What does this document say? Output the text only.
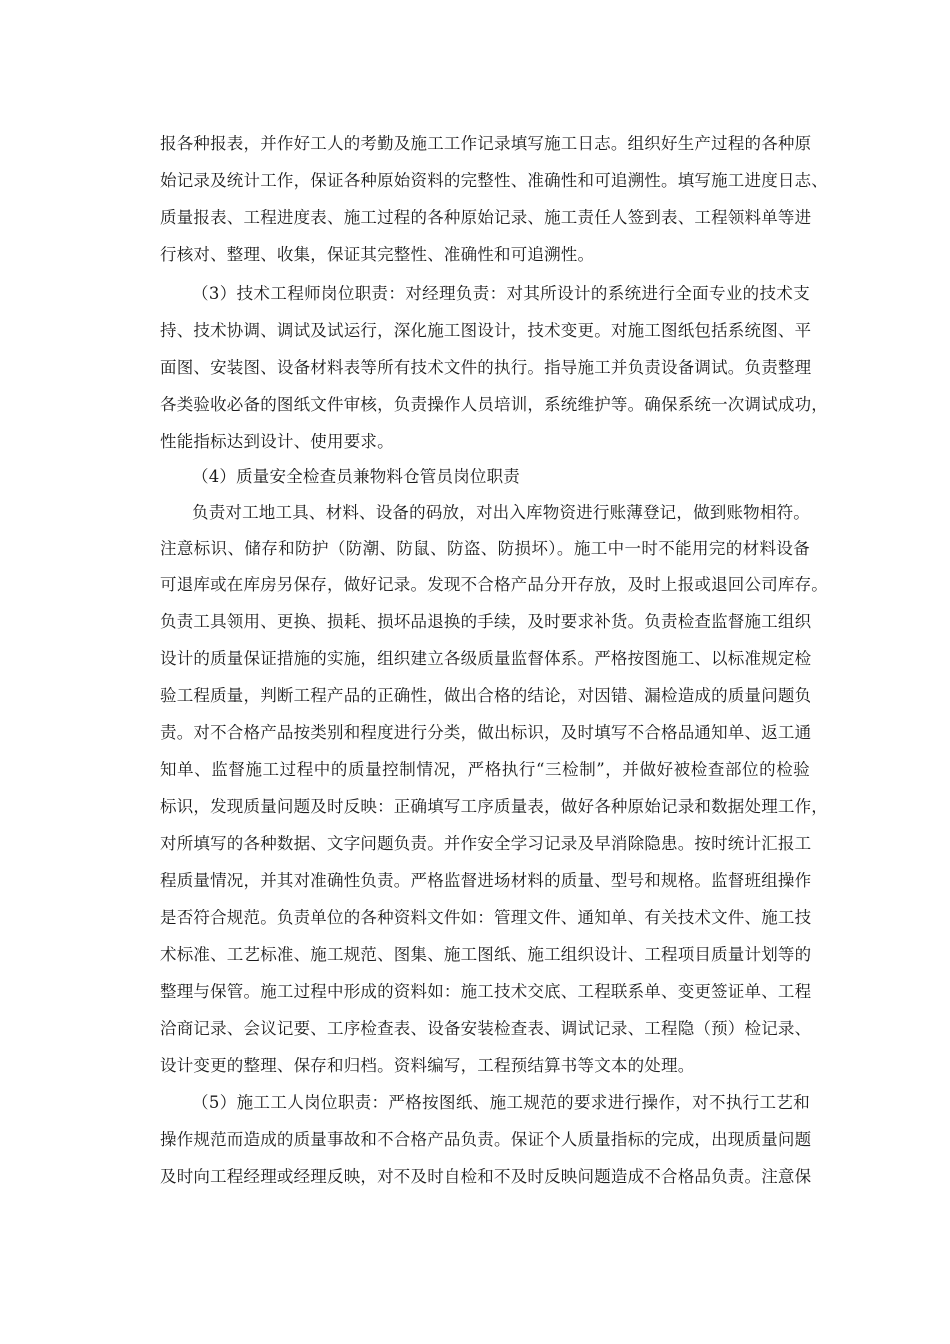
报各种报表，并作好工人的考勤及施工工作记录填写施工日志。组织好生产过程的各种原
始记录及统计工作，保证各种原始资料的完整性、准确性和可追溯性。填写施工进度日志、
质量报表、工程进度表、施工过程的各种原始记录、施工责任人签到表、工程领料单等进
行核对、整理、收集，保证其完整性、准确性和可追溯性。
（3）技术工程师岗位职责：对经理负责：对其所设计的系统进行全面专业的技术支
持、技术协调、调试及试运行，深化施工图设计，技术变更。对施工图纸包括系统图、平
面图、安装图、设备材料表等所有技术文件的执行。指导施工并负责设备调试。负责整理
各类验收必备的图纸文件审核，负责操作人员培训，系统维护等。确保系统一次调试成功，
性能指标达到设计、使用要求。
（4）质量安全检查员兼物料仓管员岗位职责
负责对工地工具、材料、设备的码放，对出入库物资进行账薄登记，做到账物相符。
注意标识、储存和防护（防潮、防鼠、防盗、防损坏）。施工中一时不能用完的材料设备
可退库或在库房另保存，做好记录。发现不合格产品分开存放，及时上报或退回公司库存。
负责工具领用、更换、损耗、损坏品退换的手续，及时要求补货。负责检查监督施工组织
设计的质量保证措施的实施，组织建立各级质量监督体系。严格按图施工、以标准规定检
验工程质量，判断工程产品的正确性，做出合格的结论，对因错、漏检造成的质量问题负
责。对不合格产品按类别和程度进行分类，做出标识，及时填写不合格品通知单、返工通
知单、监督施工过程中的质量控制情况，严格执行“三检制”，并做好被检查部位的检验
标识，发现质量问题及时反映：正确填写工序质量表，做好各种原始记录和数据处理工作，
对所填写的各种数据、文字问题负责。并作安全学习记录及早消除隐患。按时统计汇报工
程质量情况，并其对准确性负责。严格监督进场材料的质量、型号和规格。监督班组操作
是否符合规范。负责单位的各种资料文件如：管理文件、通知单、有关技术文件、施工技
术标准、工艺标准、施工规范、图集、施工图纸、施工组织设计、工程项目质量计划等的
整理与保管。施工过程中形成的资料如：施工技术交底、工程联系单、变更签证单、工程
洽商记录、会议记要、工序检查表、设备安装检查表、调试记录、工程隐（预）检记录、
设计变更的整理、保存和归档。资料编写，工程预结算书等文本的处理。
（5）施工工人岗位职责：严格按图纸、施工规范的要求进行操作，对不执行工艺和
操作规范而造成的质量事故和不合格产品负责。保证个人质量指标的完成，出现质量问题
及时向工程经理或经理反映，对不及时自检和不及时反映问题造成不合格品负责。注意保
